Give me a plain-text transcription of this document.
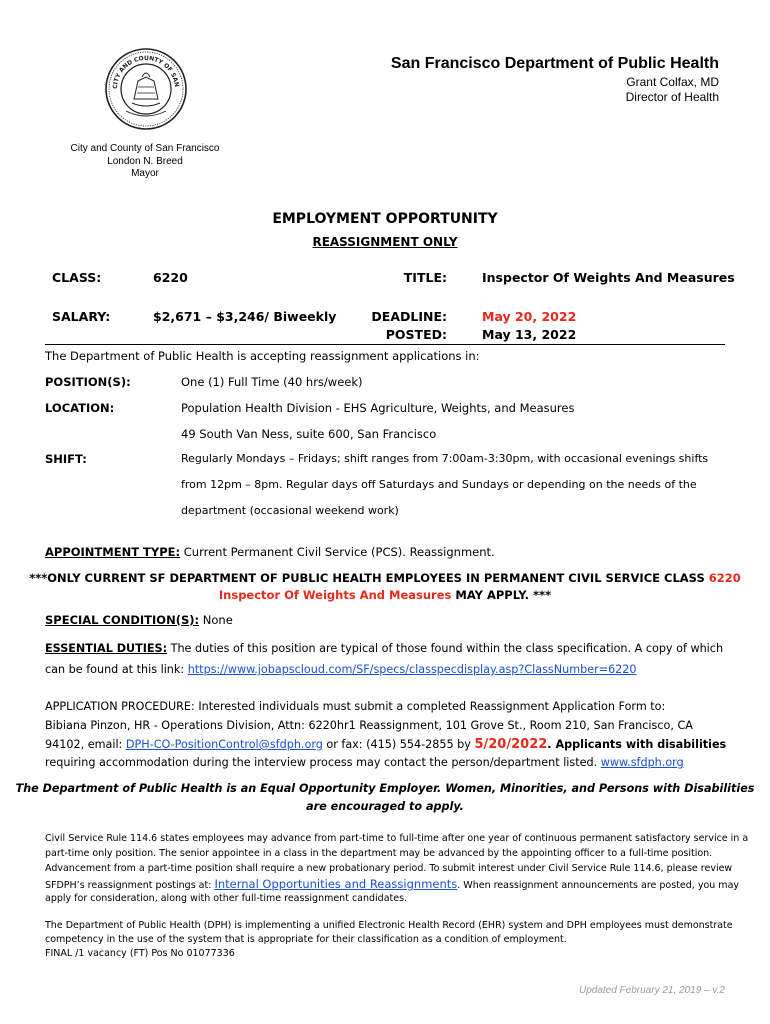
CITY AND COUNTY OF SAN
San Francisco Department of Public Health
Grant Colfax, MD
Director of Health
City and County of San Francisco
London N. Breed
Mayor
EMPLOYMENT OPPORTUNITY
REASSIGNMENT ONLY
CLASS:	6220	TITLE:	Inspector Of Weights And Measures
SALARY:	$2,671 – $3,246/ Biweekly	DEADLINE:	May 20, 2022
POSTED:	May 13, 2022
The Department of Public Health is accepting reassignment applications in:
POSITION(S):	One (1) Full Time (40 hrs/week)
LOCATION:	Population Health Division - EHS Agriculture, Weights, and Measures
49 South Van Ness, suite 600, San Francisco
SHIFT:	Regularly Mondays – Fridays; shift ranges from 7:00am-3:30pm, with occasional evenings shifts
from 12pm – 8pm. Regular days off Saturdays and Sundays or depending on the needs of the
department (occasional weekend work)
APPOINTMENT TYPE: Current Permanent Civil Service (PCS). Reassignment.
***ONLY CURRENT SF DEPARTMENT OF PUBLIC HEALTH EMPLOYEES IN PERMANENT CIVIL SERVICE CLASS 6220
Inspector Of Weights And Measures MAY APPLY. ***
SPECIAL CONDITION(S): None
ESSENTIAL DUTIES: The duties of this position are typical of those found within the class specification. A copy of which
can be found at this link: https://www.jobapscloud.com/SF/specs/classpecdisplay.asp?ClassNumber=6220
APPLICATION PROCEDURE: Interested individuals must submit a completed Reassignment Application Form to:
Bibiana Pinzon, HR - Operations Division, Attn: 6220hr1 Reassignment, 101 Grove St., Room 210, San Francisco, CA
94102, email: DPH-CO-PositionControl@sfdph.org or fax: (415) 554-2855 by 5/20/2022. Applicants with disabilities
requiring accommodation during the interview process may contact the person/department listed. www.sfdph.org
The Department of Public Health is an Equal Opportunity Employer. Women, Minorities, and Persons with Disabilities
are encouraged to apply.
Civil Service Rule 114.6 states employees may advance from part-time to full-time after one year of continuous permanent satisfactory service in a
part-time only position. The senior appointee in a class in the department may be advanced by the appointing officer to a full-time position.
Advancement from a part-time position shall require a new probationary period. To submit interest under Civil Service Rule 114.6, please review
SFDPH’s reassignment postings at: Internal Opportunities and Reassignments. When reassignment announcements are posted, you may
apply for consideration, along with other full-time reassignment candidates.
The Department of Public Health (DPH) is implementing a unified Electronic Health Record (EHR) system and DPH employees must demonstrate
competency in the use of the system that is appropriate for their classification as a condition of employment.
FINAL /1 vacancy (FT) Pos No 01077336
Updated February 21, 2019 – v.2
